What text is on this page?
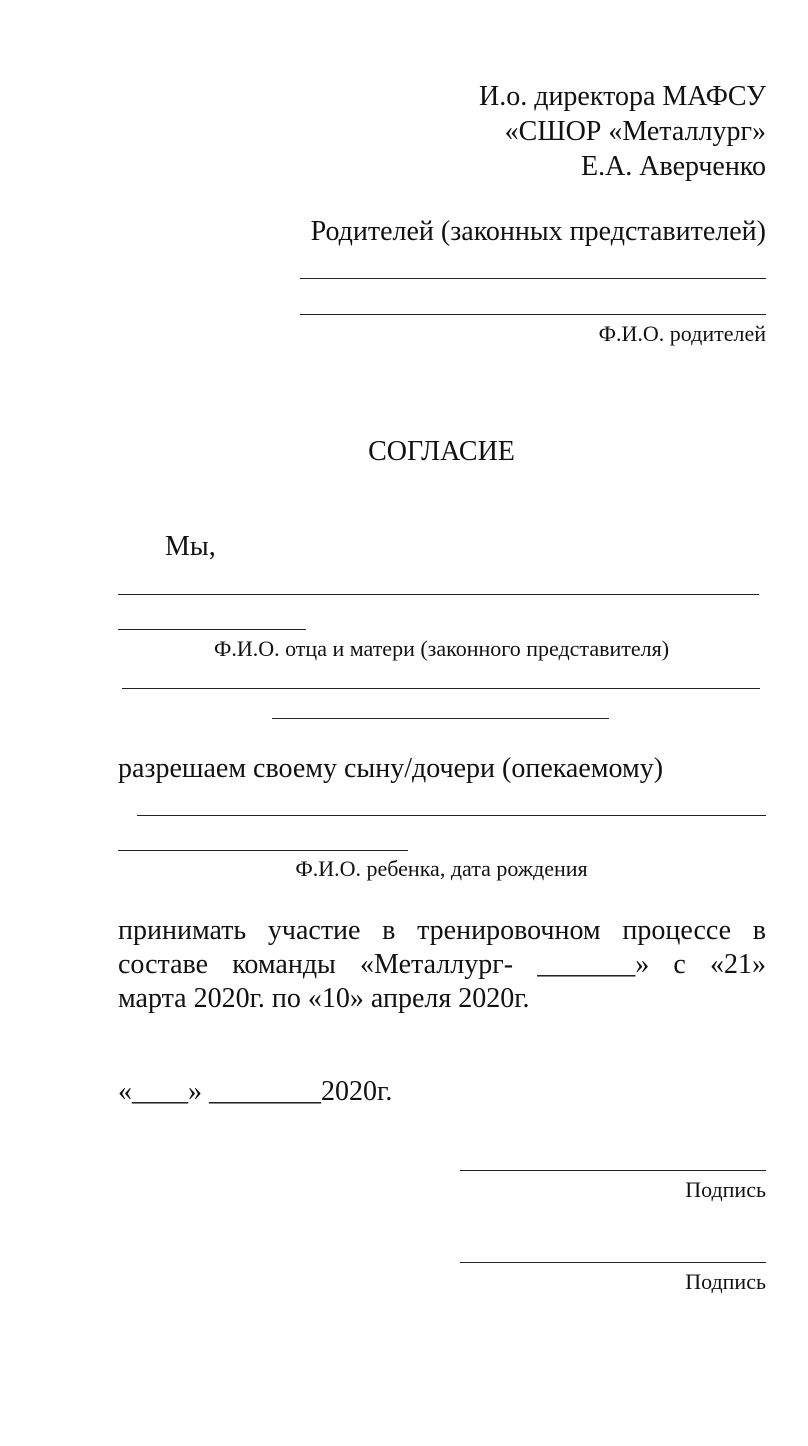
И.о. директора МАФСУ
«СШОР «Металлург»
Е.А. Аверченко
Родителей (законных представителей)
Ф.И.О. родителей
СОГЛАСИЕ
Мы,
Ф.И.О. отца и матери (законного представителя)
разрешаем своему сыну/дочери (опекаемому)
Ф.И.О. ребенка, дата рождения
принимать участие в тренировочном процессе в
составе команды «Металлург- _______» с «21»
марта 2020г. по «10» апреля 2020г.
«____» ________2020г.
Подпись
Подпись
